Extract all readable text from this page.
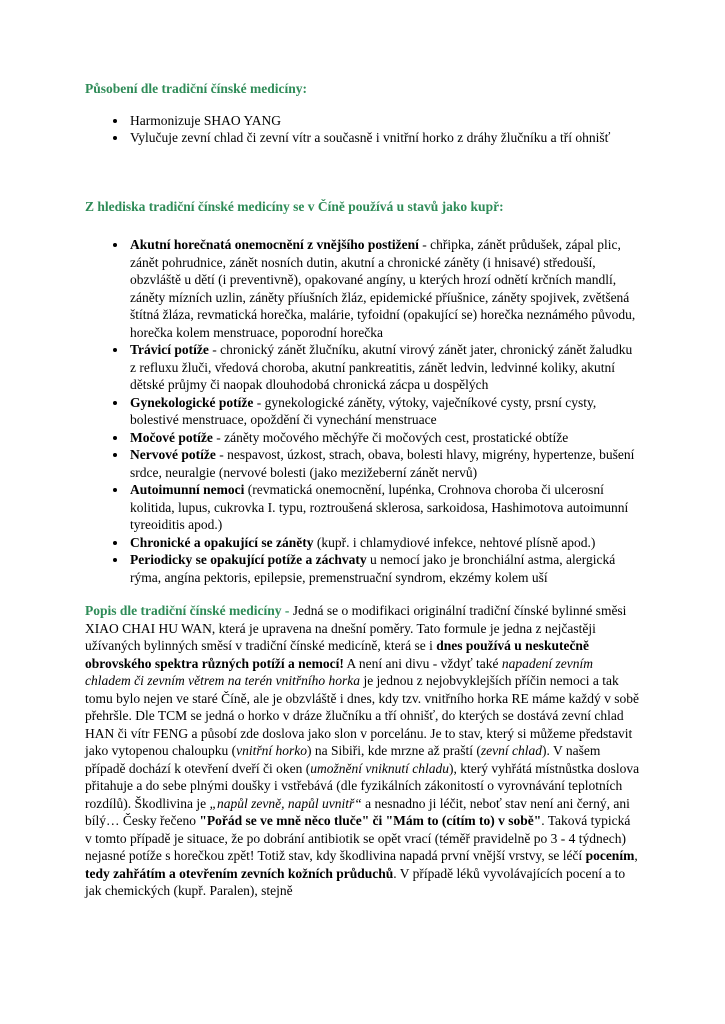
Působení dle tradiční čínské medicíny:

• Harmonizuje SHAO YANG
• Vylučuje zevní chlad či zevní vítr a současně i vnitřní horko z dráhy žlučníku a tří ohnišť

Z hlediska tradiční čínské medicíny se v Číně používá u stavů jako kupř:

• Akutní horečnatá onemocnění z vnějšího postižení - chřipka, zánět průdušek, zápal plic, zánět pohrudnice, zánět nosních dutin, akutní a chronické záněty (i hnisavé) středouší, obzvláště u dětí (i preventivně), opakované angíny, u kterých hrozí odnětí krčních mandlí, záněty mízních uzlin, záněty příušních žláz, epidemické příušnice, záněty spojivek, zvětšená štítná žláza, revmatická horečka, malárie, tyfoidní (opakující se) horečka neznámého původu, horečka kolem menstruace, poporodní horečka
• Trávicí potíže - chronický zánět žlučníku, akutní virový zánět jater, chronický zánět žaludku z refluxu žluči, vředová choroba, akutní pankreatitis, zánět ledvin, ledvinné koliky, akutní dětské průjmy či naopak dlouhodobá chronická zácpa u dospělých
• Gynekologické potíže - gynekologické záněty, výtoky, vaječníkové cysty, prsní cysty, bolestivé menstruace, opoždění či vynechání menstruace
• Močové potíže - záněty močového měchýře či močových cest, prostatické obtíže
• Nervové potíže - nespavost, úzkost, strach, obava, bolesti hlavy, migrény, hypertenze, bušení srdce, neuralgie (nervové bolesti (jako mezižeberní zánět nervů)
• Autoimunní nemoci (revmatická onemocnění, lupénka, Crohnova choroba či ulcerosní kolitida, lupus, cukrovka I. typu, roztroušená sklerosa, sarkoidosa, Hashimotova autoimunní tyreoiditis apod.)
• Chronické a opakující se záněty (kupř. i chlamydiové infekce, nehtové plísně apod.)
• Periodicky se opakující potíže a záchvaty u nemocí jako je bronchiální astma, alergická rýma, angína pektoris, epilepsie, premenstruační syndrom, ekzémy kolem uší

Popis dle tradiční čínské medicíny - Jedná se o modifikaci originální tradiční čínské bylinné směsi XIAO CHAI HU WAN, která je upravena na dnešní poměry. Tato formule je jedna z nejčastěji užívaných bylinných směsí v tradiční čínské medicíně, která se i dnes používá u neskutečně obrovského spektra různých potíží a nemocí! A není ani divu - vždyť také napadení zevním chladem či zevním větrem na terén vnitřního horka je jednou z nejobvyklejších příčin nemoci a tak tomu bylo nejen ve staré Číně, ale je obzvláště i dnes, kdy tzv. vnitřního horka RE máme každý v sobě přehršle. Dle TCM se jedná o horko v dráze žlučníku a tří ohnišť, do kterých se dostává zevní chlad HAN či vítr FENG a působí zde doslova jako slon v porcelánu. Je to stav, který si můžeme představit jako vytopenou chaloupku (vnitřní horko) na Sibiři, kde mrzne až praští (zevní chlad). V našem případě dochází k otevření dveří či oken (umožnění vniknutí chladu), který vyhřátá místnůstka doslova přitahuje a do sebe plnými doušky i vstřebává (dle fyzikálních zákonitostí o vyrovnávání teplotních rozdílů). Škodlivina je „napůl zevně, napůl uvnitř“ a nesnadno ji léčit, neboť stav není ani černý, ani bílý… Česky řečeno "Pořád se ve mně něco tluče" či "Mám to (cítím to) v sobě". Taková typická v tomto případě je situace, že po dobrání antibiotik se opět vrací (téměř pravidelně po 3 - 4 týdnech) nejasné potíže s horečkou zpět! Totiž stav, kdy škodlivina napadá první vnější vrstvy, se léčí pocením, tedy zahřátím a otevřením zevních kožních průduchů. V případě léků vyvolávajících pocení a to jak chemických (kupř. Paralen), stejně
